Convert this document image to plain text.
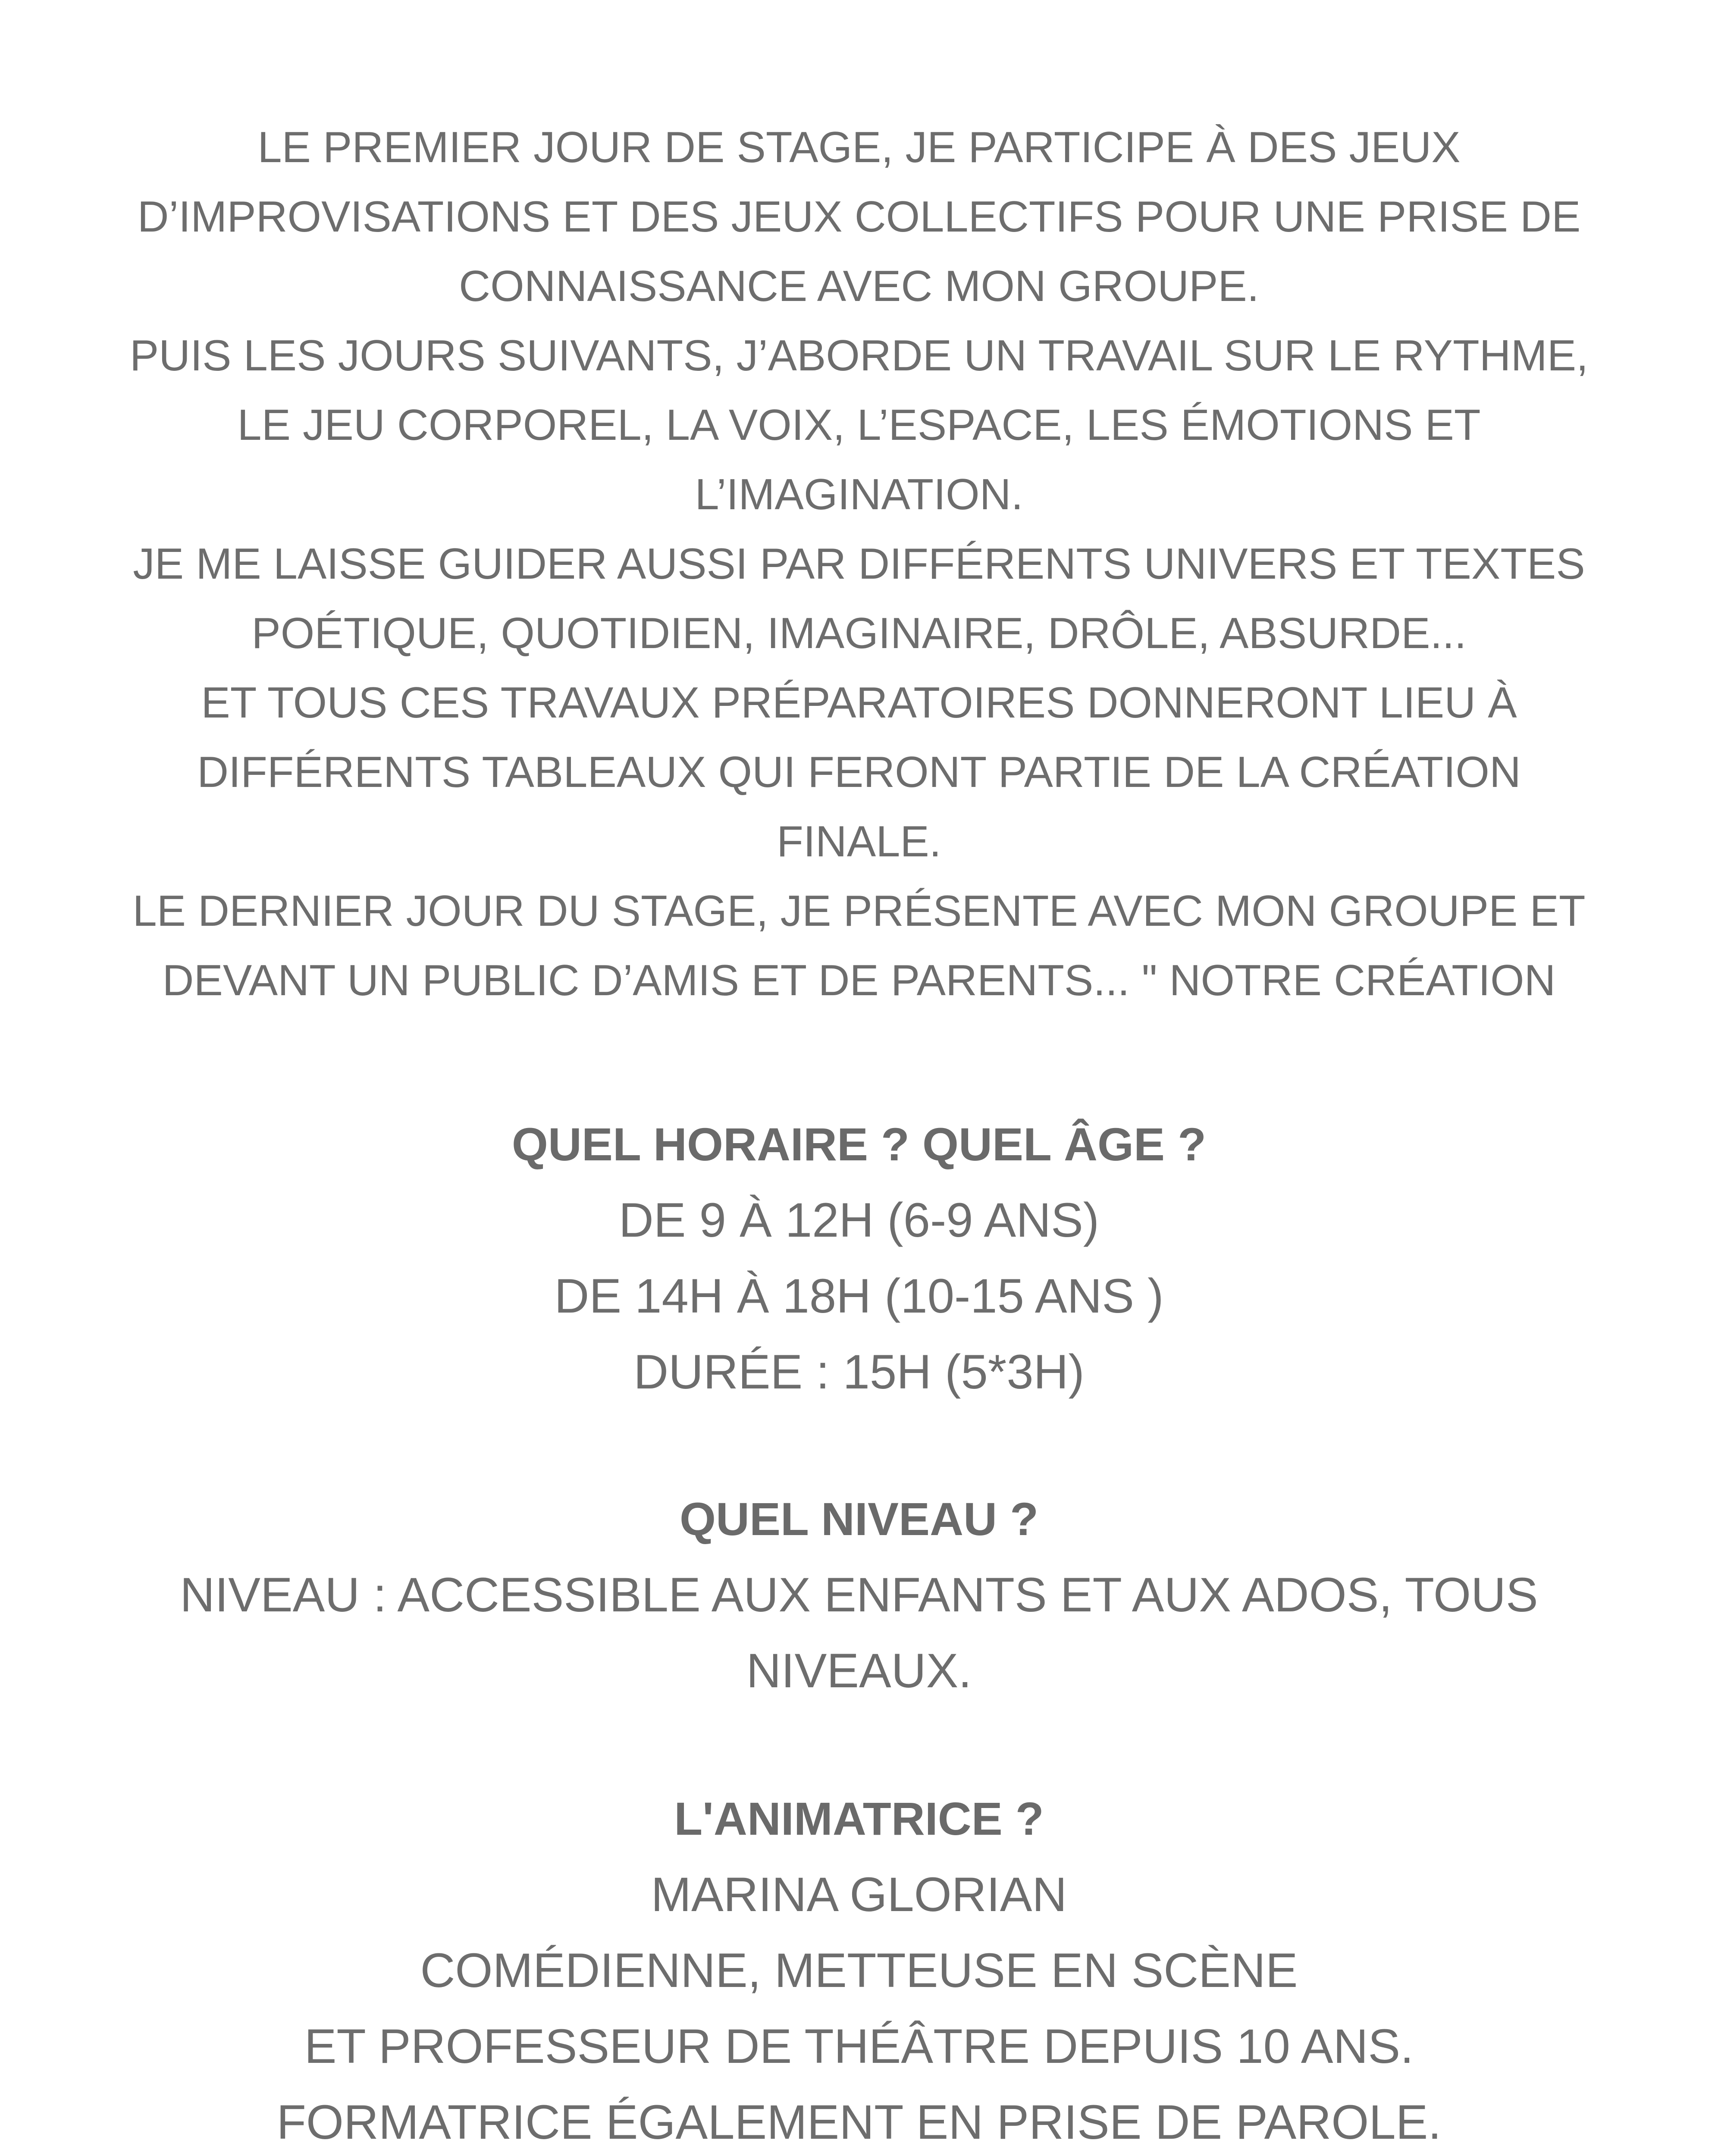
LE PREMIER JOUR DE STAGE, JE PARTICIPE À DES JEUX
D’IMPROVISATIONS ET DES JEUX COLLECTIFS POUR UNE PRISE DE
CONNAISSANCE AVEC MON GROUPE.
PUIS LES JOURS SUIVANTS, J’ABORDE UN TRAVAIL SUR LE RYTHME,
LE JEU CORPOREL, LA VOIX, L’ESPACE, LES ÉMOTIONS ET
L’IMAGINATION.
JE ME LAISSE GUIDER AUSSI PAR DIFFÉRENTS UNIVERS ET TEXTES
POÉTIQUE, QUOTIDIEN, IMAGINAIRE, DRÔLE, ABSURDE...
ET TOUS CES TRAVAUX PRÉPARATOIRES DONNERONT LIEU À
DIFFÉRENTS TABLEAUX QUI FERONT PARTIE DE LA CRÉATION
FINALE.
LE DERNIER JOUR DU STAGE, JE PRÉSENTE AVEC MON GROUPE ET
DEVANT UN PUBLIC D’AMIS ET DE PARENTS... " NOTRE CRÉATION
QUEL HORAIRE ? QUEL ÂGE ?
DE 9 À 12H (6-9 ANS)
DE 14H À 18H (10-15 ANS )
DURÉE : 15H (5*3H)
QUEL NIVEAU ?
NIVEAU : ACCESSIBLE AUX ENFANTS ET AUX ADOS, TOUS
NIVEAUX.
L'ANIMATRICE ?
MARINA GLORIAN
COMÉDIENNE, METTEUSE EN SCÈNE
ET PROFESSEUR DE THÉÂTRE DEPUIS 10 ANS.
FORMATRICE ÉGALEMENT EN PRISE DE PAROLE.
